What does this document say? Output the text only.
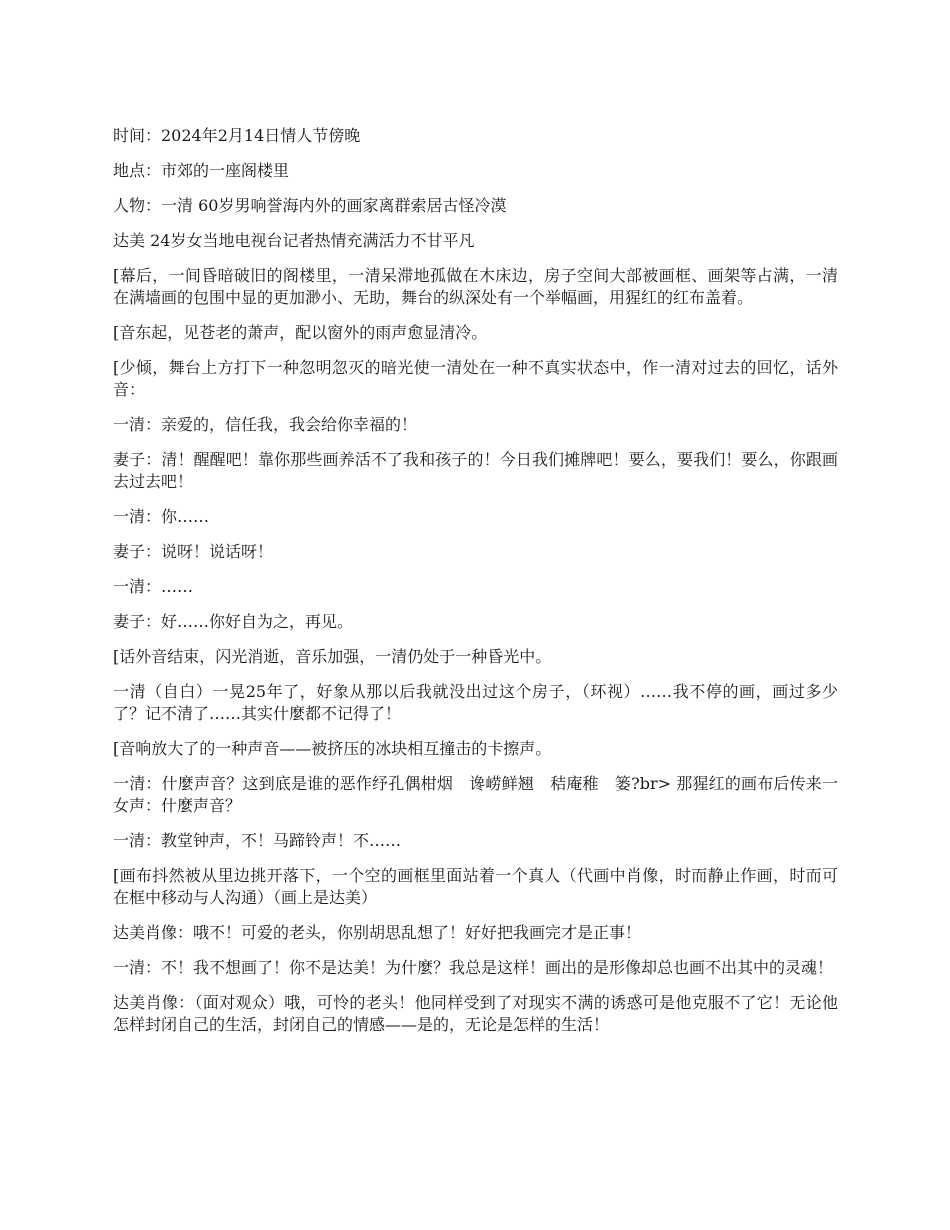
时间：2024年2月14日情人节傍晚

地点：市郊的一座阁楼里

人物：一清 60岁男响誉海内外的画家离群索居古怪冷漠

达美 24岁女当地电视台记者热情充满活力不甘平凡

[幕后，一间昏暗破旧的阁楼里，一清呆滞地孤做在木床边，房子空间大部被画框、画架等占满，一清在满墙画的包围中显的更加渺小、无助，舞台的纵深处有一个举幅画，用猩红的红布盖着。

[音东起，见苍老的萧声，配以窗外的雨声愈显清冷。

[少倾，舞台上方打下一种忽明忽灭的暗光使一清处在一种不真实状态中，作一清对过去的回忆，话外音：

一清：亲爱的，信任我，我会给你幸福的！

妻子：清！醒醒吧！靠你那些画养活不了我和孩子的！今日我们摊牌吧！要么，要我们！要么，你跟画去过去吧！

一清：你……

妻子：说呀！说话呀！

一清：……

妻子：好……你好自为之，再见。

[话外音结束，闪光消逝，音乐加强，一清仍处于一种昏光中。

一清（自白）一晃25年了，好象从那以后我就没出过这个房子，（环视）……我不停的画，画过多少了？记不清了……其实什麼都不记得了！

[音响放大了的一种声音——被挤压的冰块相互撞击的卡擦声。

一清：什麼声音？这到底是谁的恶作纾孔偶柑烟　谗崂鲜翘　秸庵稚　篓?br> 那猩红的画布后传来一女声：什麼声音？

一清：教堂钟声，不！马蹄铃声！不……

[画布抖然被从里边挑开落下，一个空的画框里面站着一个真人（代画中肖像，时而静止作画，时而可在框中移动与人沟通）（画上是达美）

达美肖像：哦不！可爱的老头，你别胡思乱想了！好好把我画完才是正事！

一清：不！我不想画了！你不是达美！为什麼？我总是这样！画出的是形像却总也画不出其中的灵魂！

达美肖像：（面对观众）哦，可怜的老头！他同样受到了对现实不满的诱惑可是他克服不了它！无论他怎样封闭自己的生活，封闭自己的情感——是的，无论是怎样的生活！
